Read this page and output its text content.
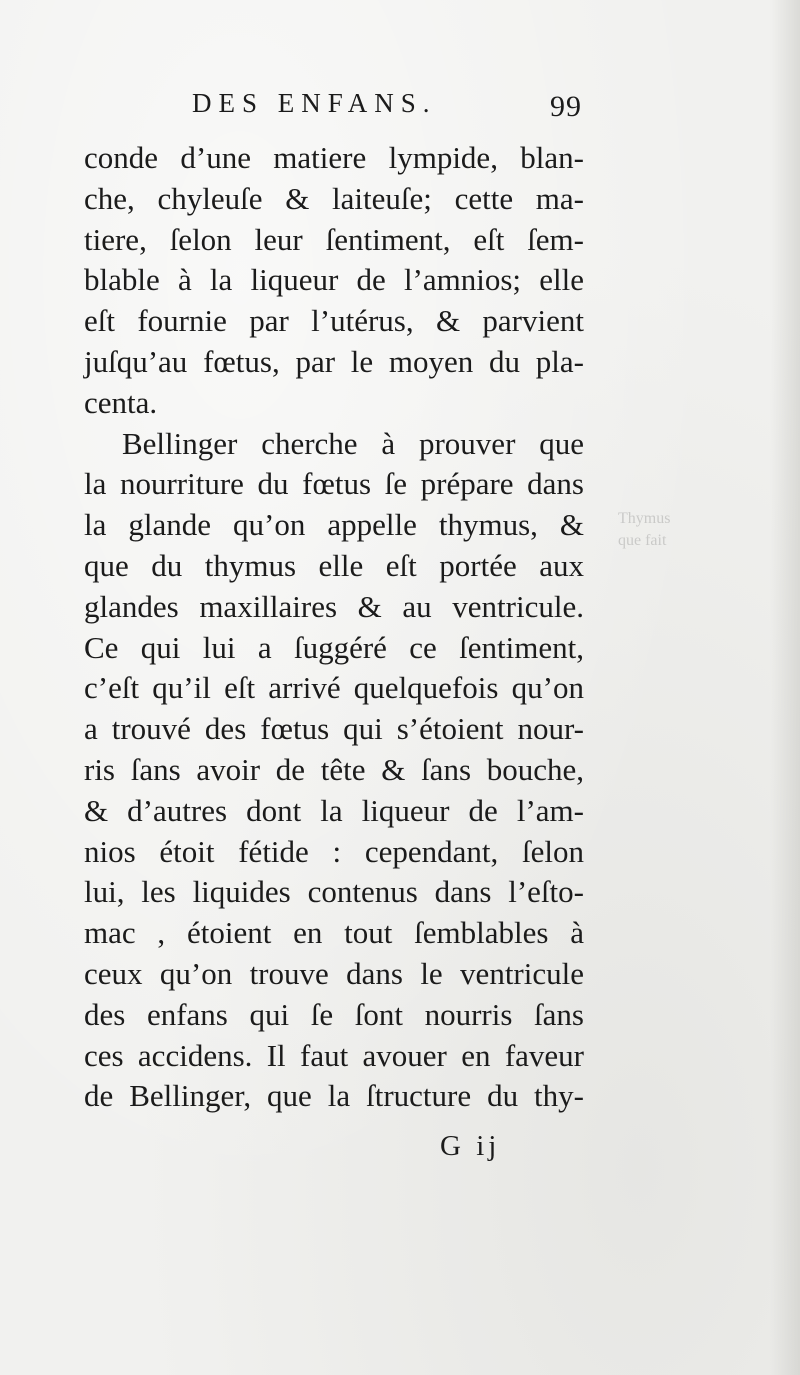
DES ENFANS.	99
conde d’une matiere lympide, blan-
che, chyleuſe & laiteuſe; cette ma-
tiere, ſelon leur ſentiment, eſt ſem-
blable à la liqueur de l’amnios; elle
eſt fournie par l’utérus, & parvient
juſqu’au fœtus, par le moyen du pla-
centa.
Bellinger cherche à prouver que
la nourriture du fœtus ſe prépare dans
la glande qu’on appelle thymus, &
que du thymus elle eſt portée aux
glandes maxillaires & au ventricule.
Ce qui lui a ſuggéré ce ſentiment,
c’eſt qu’il eſt arrivé quelquefois qu’on
a trouvé des fœtus qui s’étoient nour-
ris ſans avoir de tête & ſans bouche,
& d’autres dont la liqueur de l’am-
nios étoit fétide : cependant, ſelon
lui, les liquides contenus dans l’eſto-
mac , étoient en tout ſemblables à
ceux qu’on trouve dans le ventricule
des enfans qui ſe ſont nourris ſans
ces accidens. Il faut avouer en faveur
de Bellinger, que la ſtructure du thy-
G ij
Thymus
que fait
